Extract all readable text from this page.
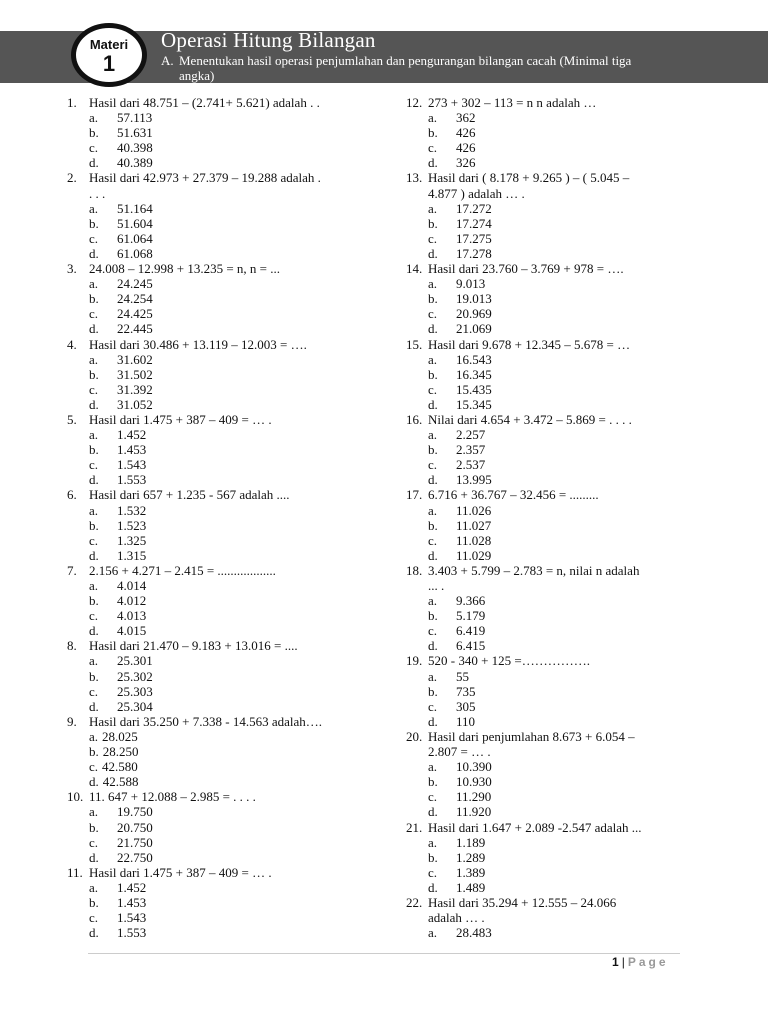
Materi
1
Operasi Hitung Bilangan
A. Menentukan hasil operasi penjumlahan dan pengurangan bilangan cacah (Minimal tiga
angka)
1. Hasil dari 48.751 – (2.741+ 5.621) adalah . .
a. 57.113
b. 51.631
c. 40.398
d. 40.389
2. Hasil dari 42.973 + 27.379 – 19.288 adalah .
. . .
a. 51.164
b. 51.604
c. 61.064
d. 61.068
3. 24.008 – 12.998 + 13.235 = n, n = ...
a. 24.245
b. 24.254
c. 24.425
d. 22.445
4. Hasil dari 30.486 + 13.119 – 12.003 = ….
a. 31.602
b. 31.502
c. 31.392
d. 31.052
5. Hasil dari 1.475 + 387 – 409 = … .
a. 1.452
b. 1.453
c. 1.543
d. 1.553
6. Hasil dari 657 + 1.235 - 567 adalah ....
a. 1.532
b. 1.523
c. 1.325
d. 1.315
7. 2.156 + 4.271 – 2.415 = ..................
a. 4.014
b. 4.012
c. 4.013
d. 4.015
8. Hasil dari 21.470 – 9.183 + 13.016 = ....
a. 25.301
b. 25.302
c. 25.303
d. 25.304
9. Hasil dari 35.250 + 7.338 - 14.563 adalah….
a. 28.025
b. 28.250
c. 42.580
d. 42.588
10. 11. 647 + 12.088 – 2.985 = . . . .
a. 19.750
b. 20.750
c. 21.750
d. 22.750
11. Hasil dari 1.475 + 387 – 409 = … .
a. 1.452
b. 1.453
c. 1.543
d. 1.553
12. 273 + 302 – 113 = n n adalah …
a. 362
b. 426
c. 426
d. 326
13. Hasil dari ( 8.178 + 9.265 ) – ( 5.045 –
4.877 ) adalah … .
a. 17.272
b. 17.274
c. 17.275
d. 17.278
14. Hasil dari 23.760 – 3.769 + 978 = ….
a. 9.013
b. 19.013
c. 20.969
d. 21.069
15. Hasil dari 9.678 + 12.345 – 5.678 = …
a. 16.543
b. 16.345
c. 15.435
d. 15.345
16. Nilai dari 4.654 + 3.472 – 5.869 = . . . .
a. 2.257
b. 2.357
c. 2.537
d. 13.995
17. 6.716 + 36.767 – 32.456 = .........
a. 11.026
b. 11.027
c. 11.028
d. 11.029
18. 3.403 + 5.799 – 2.783 = n, nilai n adalah
... .
a. 9.366
b. 5.179
c. 6.419
d. 6.415
19. 520 - 340 + 125 =…………….
a. 55
b. 735
c. 305
d. 110
20. Hasil dari penjumlahan 8.673 + 6.054 –
2.807 = … .
a. 10.390
b. 10.930
c. 11.290
d. 11.920
21. Hasil dari 1.647 + 2.089 -2.547 adalah ...
a. 1.189
b. 1.289
c. 1.389
d. 1.489
22. Hasil dari 35.294 + 12.555 – 24.066
adalah … .
a. 28.483
1 | Page
